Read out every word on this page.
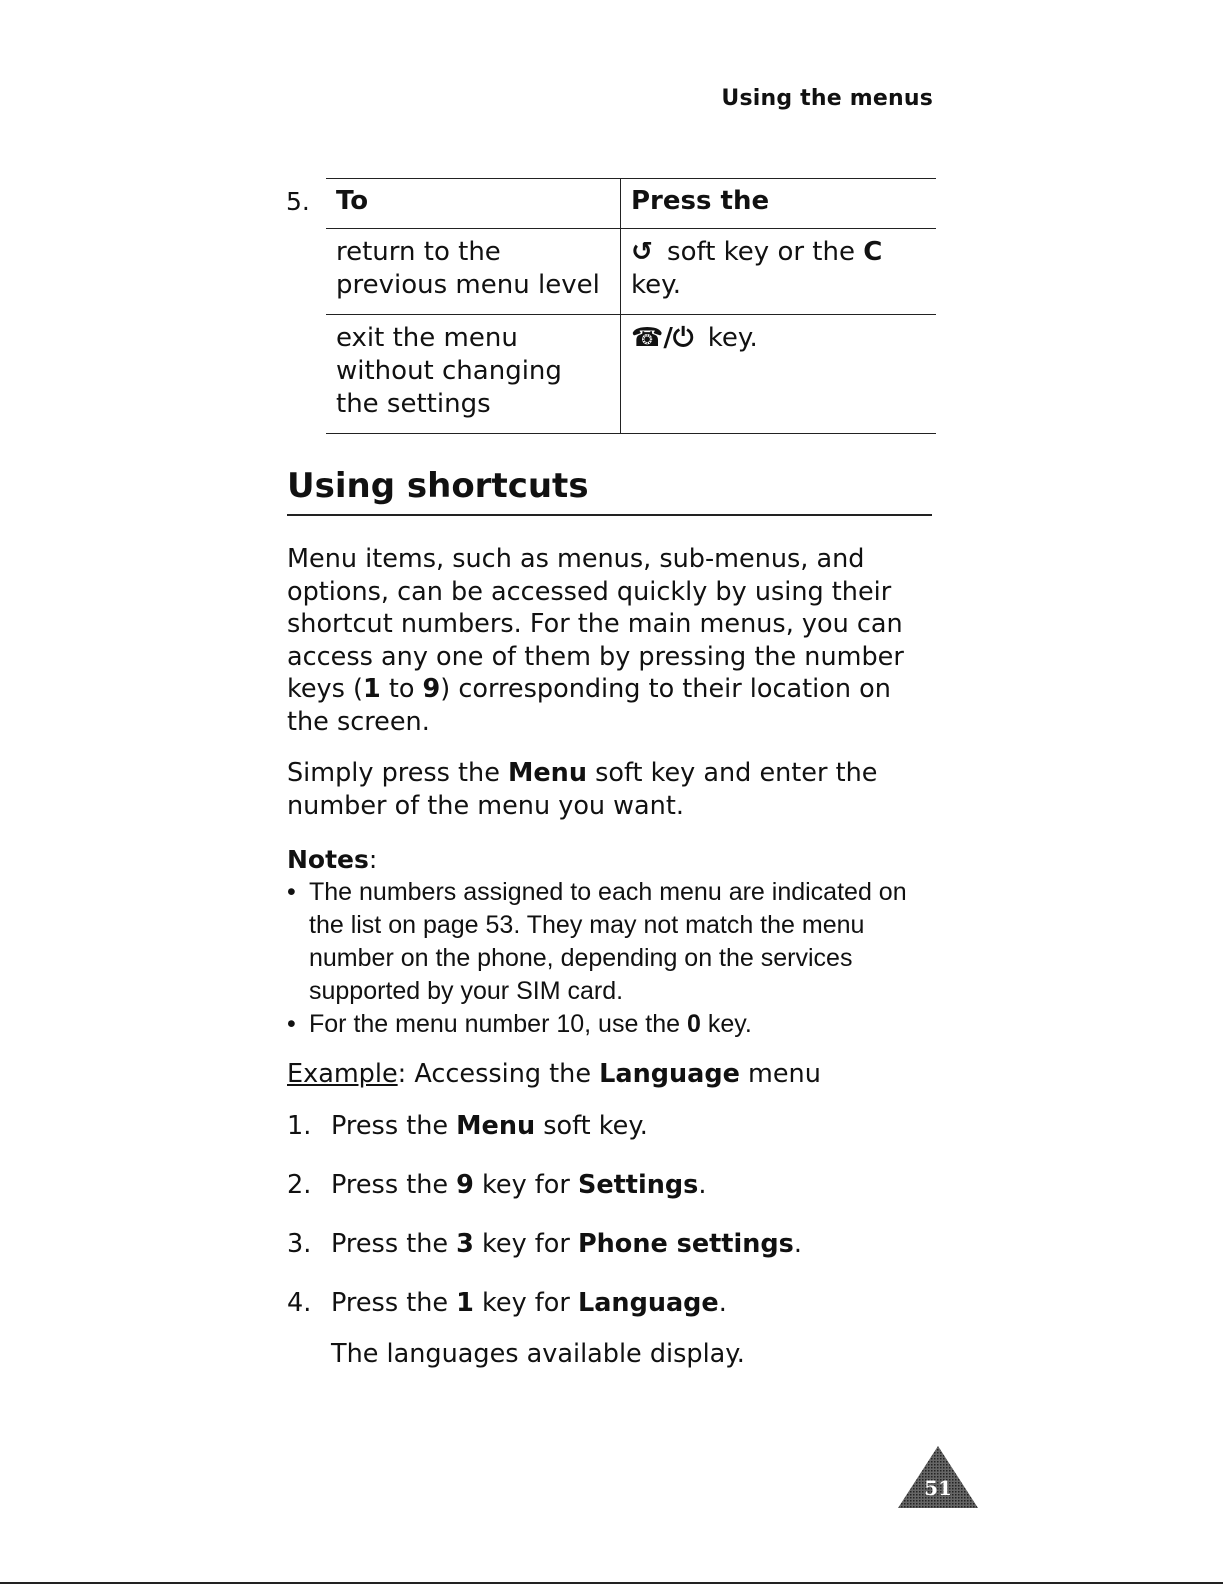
Using the menus
5. To	Press the
return to the previous menu level	↺ soft key or the C key.
exit the menu without changing the settings	☎/⏻ key.
Using shortcuts
Menu items, such as menus, sub-menus, and options, can be accessed quickly by using their shortcut numbers. For the main menus, you can access any one of them by pressing the number keys (1 to 9) corresponding to their location on the screen.
Simply press the Menu soft key and enter the number of the menu you want.
Notes:
• The numbers assigned to each menu are indicated on the list on page 53. They may not match the menu number on the phone, depending on the services supported by your SIM card.
• For the menu number 10, use the 0 key.
Example: Accessing the Language menu
1. Press the Menu soft key.
2. Press the 9 key for Settings.
3. Press the 3 key for Phone settings.
4. Press the 1 key for Language.
The languages available display.
51
